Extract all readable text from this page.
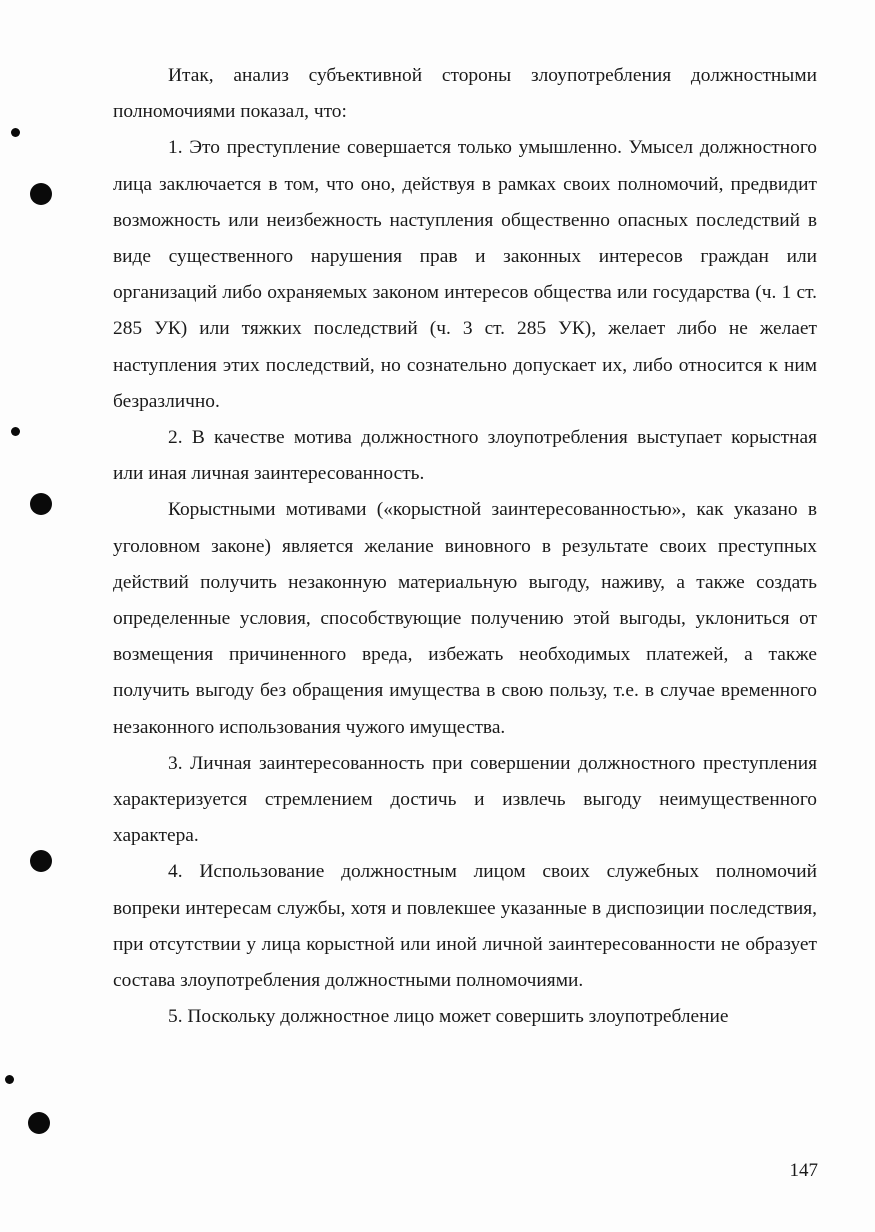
Итак, анализ субъективной стороны злоупотребления должностными полномочиями показал, что:

1. Это преступление совершается только умышленно. Умысел должностного лица заключается в том, что оно, действуя в рамках своих полномочий, предвидит возможность или неизбежность наступления общественно опасных последствий в виде существенного нарушения прав и законных интересов граждан или организаций либо охраняемых законом интересов общества или государства (ч. 1 ст. 285 УК) или тяжких последствий (ч. 3 ст. 285 УК), желает либо не желает наступления этих последствий, но сознательно допускает их, либо относится к ним безразлично.

2. В качестве мотива должностного злоупотребления выступает корыстная или иная личная заинтересованность.

Корыстными мотивами («корыстной заинтересованностью», как указано в уголовном законе) является желание виновного в результате своих преступных действий получить незаконную материальную выгоду, наживу, а также создать определенные условия, способствующие получению этой выгоды, уклониться от возмещения причиненного вреда, избежать необходимых платежей, а также получить выгоду без обращения имущества в свою пользу, т.е. в случае временного незаконного использования чужого имущества.

3. Личная заинтересованность при совершении должностного преступления характеризуется стремлением достичь и извлечь выгоду неимущественного характера.

4. Использование должностным лицом своих служебных полномочий вопреки интересам службы, хотя и повлекшее указанные в диспозиции последствия, при отсутствии у лица корыстной или иной личной заинтересованности не образует состава злоупотребления должностными полномочиями.

5. Поскольку должностное лицо может совершить злоупотребление

147
